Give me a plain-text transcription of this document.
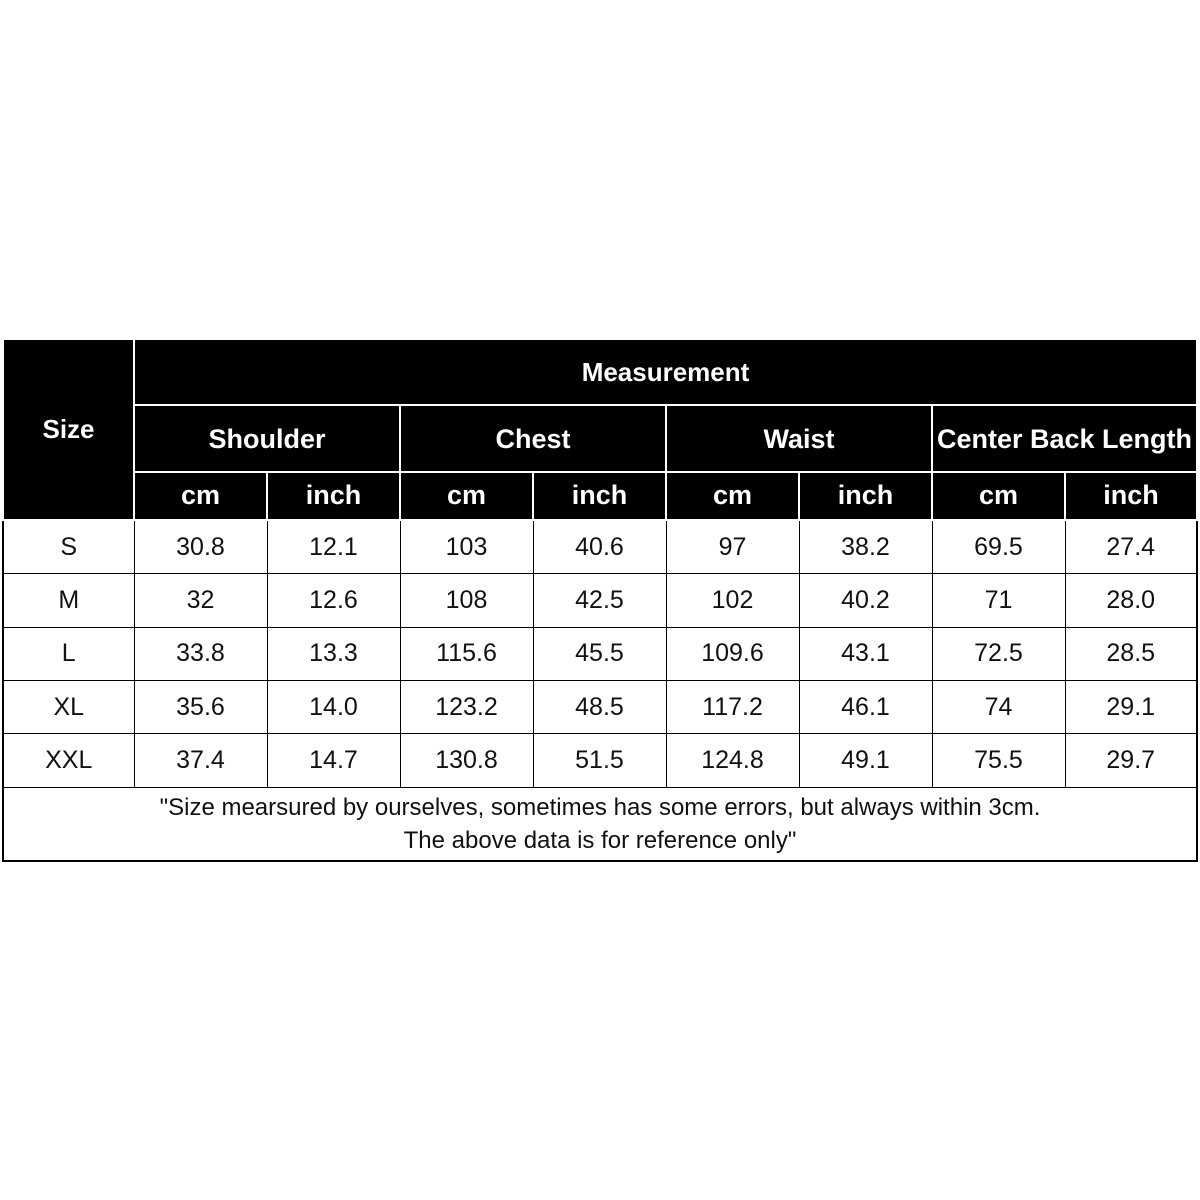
Size	Measurement							
	Shoulder		Chest		Waist		Center Back Length	
	cm	inch	cm	inch	cm	inch	cm	inch
S	30.8	12.1	103	40.6	97	38.2	69.5	27.4
M	32	12.6	108	42.5	102	40.2	71	28.0
L	33.8	13.3	115.6	45.5	109.6	43.1	72.5	28.5
XL	35.6	14.0	123.2	48.5	117.2	46.1	74	29.1
XXL	37.4	14.7	130.8	51.5	124.8	49.1	75.5	29.7

"Size mearsured by ourselves, sometimes has some errors, but always within 3cm.
The above data is for reference only"								
